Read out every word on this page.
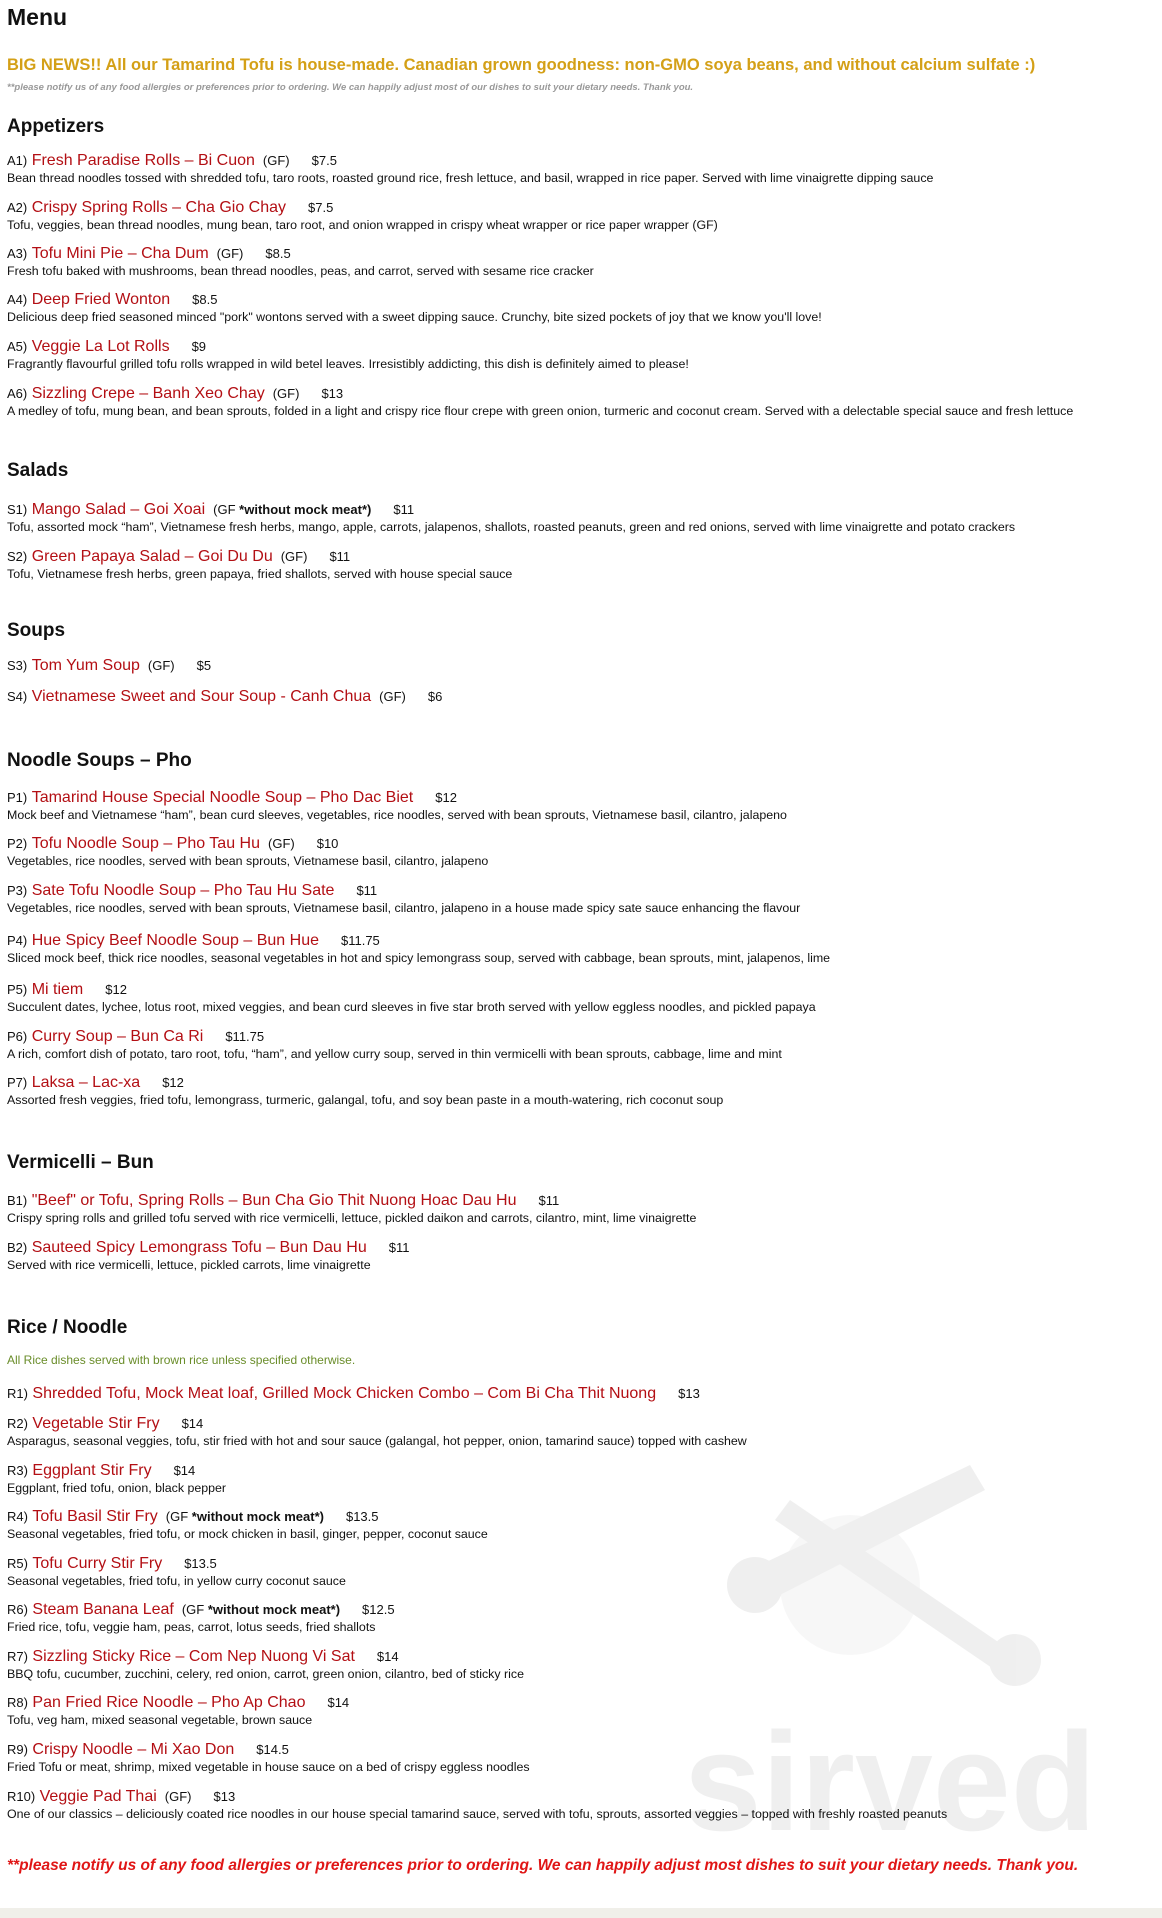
Menu
BIG NEWS!! All our Tamarind Tofu is house-made. Canadian grown goodness: non-GMO soya beans, and without calcium sulfate :)
**please notify us of any food allergies or preferences prior to ordering. We can happily adjust most of our dishes to suit your dietary needs. Thank you.
Appetizers
A1) Fresh Paradise Rolls – Bi Cuon (GF) $7.5
Bean thread noodles tossed with shredded tofu, taro roots, roasted ground rice, fresh lettuce, and basil, wrapped in rice paper. Served with lime vinaigrette dipping sauce
A2) Crispy Spring Rolls – Cha Gio Chay $7.5
Tofu, veggies, bean thread noodles, mung bean, taro root, and onion wrapped in crispy wheat wrapper or rice paper wrapper (GF)
A3) Tofu Mini Pie – Cha Dum (GF) $8.5
Fresh tofu baked with mushrooms, bean thread noodles, peas, and carrot, served with sesame rice cracker
A4) Deep Fried Wonton $8.5
Delicious deep fried seasoned minced "pork" wontons served with a sweet dipping sauce. Crunchy, bite sized pockets of joy that we know you'll love!
A5) Veggie La Lot Rolls $9
Fragrantly flavourful grilled tofu rolls wrapped in wild betel leaves. Irresistibly addicting, this dish is definitely aimed to please!
A6) Sizzling Crepe – Banh Xeo Chay (GF) $13
A medley of tofu, mung bean, and bean sprouts, folded in a light and crispy rice flour crepe with green onion, turmeric and coconut cream. Served with a delectable special sauce and fresh lettuce
Salads
S1) Mango Salad – Goi Xoai (GF *without mock meat*) $11
Tofu, assorted mock “ham”, Vietnamese fresh herbs, mango, apple, carrots, jalapenos, shallots, roasted peanuts, green and red onions, served with lime vinaigrette and potato crackers
S2) Green Papaya Salad – Goi Du Du (GF) $11
Tofu, Vietnamese fresh herbs, green papaya, fried shallots, served with house special sauce
Soups
S3) Tom Yum Soup (GF) $5
S4) Vietnamese Sweet and Sour Soup - Canh Chua (GF) $6
Noodle Soups – Pho
P1) Tamarind House Special Noodle Soup – Pho Dac Biet $12
Mock beef and Vietnamese “ham”, bean curd sleeves, vegetables, rice noodles, served with bean sprouts, Vietnamese basil, cilantro, jalapeno
P2) Tofu Noodle Soup – Pho Tau Hu (GF) $10
Vegetables, rice noodles, served with bean sprouts, Vietnamese basil, cilantro, jalapeno
P3) Sate Tofu Noodle Soup – Pho Tau Hu Sate $11
Vegetables, rice noodles, served with bean sprouts, Vietnamese basil, cilantro, jalapeno in a house made spicy sate sauce enhancing the flavour
P4) Hue Spicy Beef Noodle Soup – Bun Hue $11.75
Sliced mock beef, thick rice noodles, seasonal vegetables in hot and spicy lemongrass soup, served with cabbage, bean sprouts, mint, jalapenos, lime
P5) Mi tiem $12
Succulent dates, lychee, lotus root, mixed veggies, and bean curd sleeves in five star broth served with yellow eggless noodles, and pickled papaya
P6) Curry Soup – Bun Ca Ri $11.75
A rich, comfort dish of potato, taro root, tofu, “ham”, and yellow curry soup, served in thin vermicelli with bean sprouts, cabbage, lime and mint
P7) Laksa – Lac-xa $12
Assorted fresh veggies, fried tofu, lemongrass, turmeric, galangal, tofu, and soy bean paste in a mouth-watering, rich coconut soup
Vermicelli – Bun
B1) "Beef" or Tofu, Spring Rolls – Bun Cha Gio Thit Nuong Hoac Dau Hu $11
Crispy spring rolls and grilled tofu served with rice vermicelli, lettuce, pickled daikon and carrots, cilantro, mint, lime vinaigrette
B2) Sauteed Spicy Lemongrass Tofu – Bun Dau Hu $11
Served with rice vermicelli, lettuce, pickled carrots, lime vinaigrette
Rice / Noodle
R1) Shredded Tofu, Mock Meat loaf, Grilled Mock Chicken Combo – Com Bi Cha Thit Nuong $13
R2) Vegetable Stir Fry $14
Asparagus, seasonal veggies, tofu, stir fried with hot and sour sauce (galangal, hot pepper, onion, tamarind sauce) topped with cashew
R3) Eggplant Stir Fry $14
Eggplant, fried tofu, onion, black pepper
R4) Tofu Basil Stir Fry (GF *without mock meat*) $13.5
Seasonal vegetables, fried tofu, or mock chicken in basil, ginger, pepper, coconut sauce
R5) Tofu Curry Stir Fry $13.5
Seasonal vegetables, fried tofu, in yellow curry coconut sauce
R6) Steam Banana Leaf (GF *without mock meat*) $12.5
Fried rice, tofu, veggie ham, peas, carrot, lotus seeds, fried shallots
R7) Sizzling Sticky Rice – Com Nep Nuong Vi Sat $14
BBQ tofu, cucumber, zucchini, celery, red onion, carrot, green onion, cilantro, bed of sticky rice
R8) Pan Fried Rice Noodle – Pho Ap Chao $14
Tofu, veg ham, mixed seasonal vegetable, brown sauce
R9) Crispy Noodle – Mi Xao Don $14.5
Fried Tofu or meat, shrimp, mixed vegetable in house sauce on a bed of crispy eggless noodles
R10) Veggie Pad Thai (GF) $13
One of our classics – deliciously coated rice noodles in our house special tamarind sauce, served with tofu, sprouts, assorted veggies – topped with freshly roasted peanuts
All Rice dishes served with brown rice unless specified otherwise.
**please notify us of any food allergies or preferences prior to ordering. We can happily adjust most dishes to suit your dietary needs. Thank you.
sirved
